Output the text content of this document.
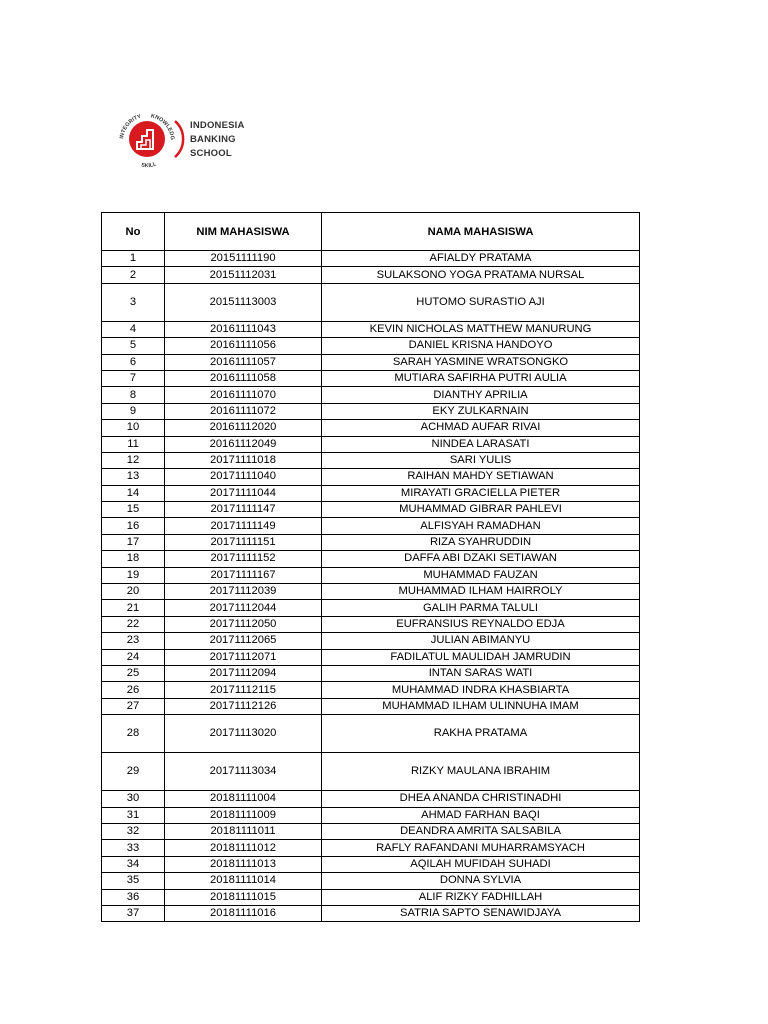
INTEGRITY	KNOWLEDG
SKILL
INDONESIA
BANKING
SCHOOL
No	NIM MAHASISWA	NAMA MAHASISWA
1	20151111190	AFIALDY PRATAMA
2	20151112031	SULAKSONO YOGA PRATAMA NURSAL
3	20151113003	HUTOMO SURASTIO AJI
4	20161111043	KEVIN NICHOLAS MATTHEW MANURUNG
5	20161111056	DANIEL KRISNA HANDOYO
6	20161111057	SARAH YASMINE WRATSONGKO
7	20161111058	MUTIARA SAFIRHA PUTRI AULIA
8	20161111070	DIANTHY APRILIA
9	20161111072	EKY ZULKARNAIN
10	20161112020	ACHMAD AUFAR RIVAI
11	20161112049	NINDEA LARASATI
12	20171111018	SARI YULIS
13	20171111040	RAIHAN MAHDY SETIAWAN
14	20171111044	MIRAYATI GRACIELLA PIETER
15	20171111147	MUHAMMAD GIBRAR PAHLEVI
16	20171111149	ALFISYAH RAMADHAN
17	20171111151	RIZA SYAHRUDDIN
18	20171111152	DAFFA ABI DZAKI SETIAWAN
19	20171111167	MUHAMMAD FAUZAN
20	20171112039	MUHAMMAD ILHAM HAIRROLY
21	20171112044	GALIH PARMA TALULI
22	20171112050	EUFRANSIUS REYNALDO EDJA
23	20171112065	JULIAN ABIMANYU
24	20171112071	FADILATUL MAULIDAH JAMRUDIN
25	20171112094	INTAN SARAS WATI
26	20171112115	MUHAMMAD INDRA KHASBIARTA
27	20171112126	MUHAMMAD ILHAM ULINNUHA IMAM
28	20171113020	RAKHA PRATAMA
29	20171113034	RIZKY MAULANA IBRAHIM
30	20181111004	DHEA ANANDA CHRISTINADHI
31	20181111009	AHMAD FARHAN BAQI
32	20181111011	DEANDRA AMRITA SALSABILA
33	20181111012	RAFLY RAFANDANI MUHARRAMSYACH
34	20181111013	AQILAH MUFIDAH SUHADI
35	20181111014	DONNA SYLVIA
36	20181111015	ALIF RIZKY FADHILLAH
37	20181111016	SATRIA SAPTO SENAWIDJAYA
